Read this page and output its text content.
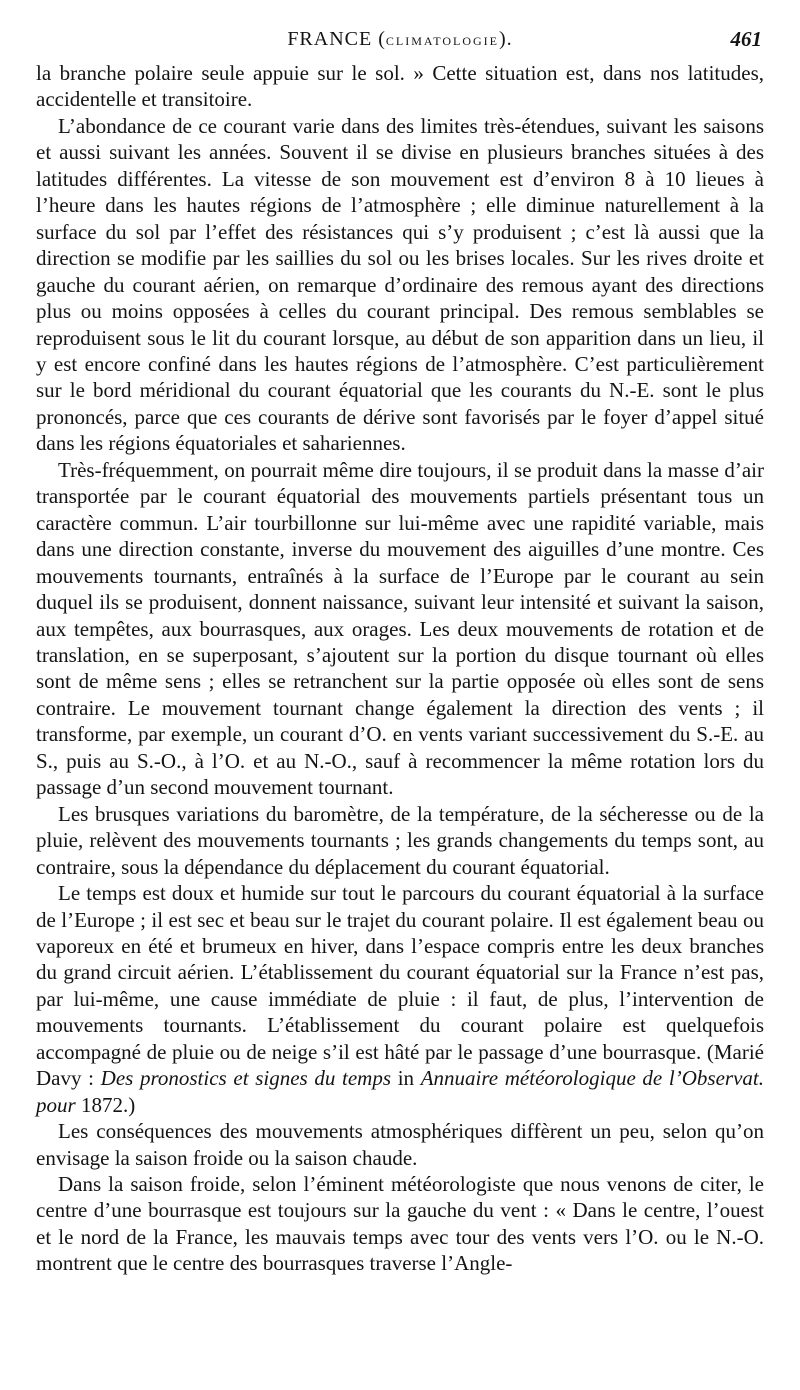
FRANCE (CLIMATOLOGIE).	461

la branche polaire seule appuie sur le sol. » Cette situation est, dans nos latitudes, accidentelle et transitoire.

L’abondance de ce courant varie dans des limites très-étendues, suivant les saisons et aussi suivant les années. Souvent il se divise en plusieurs branches situées à des latitudes différentes. La vitesse de son mouvement est d’environ 8 à 10 lieues à l’heure dans les hautes régions de l’atmosphère ; elle diminue naturellement à la surface du sol par l’effet des résistances qui s’y produisent ; c’est là aussi que la direction se modifie par les saillies du sol ou les brises locales. Sur les rives droite et gauche du courant aérien, on remarque d’ordinaire des remous ayant des directions plus ou moins opposées à celles du courant principal. Des remous semblables se reproduisent sous le lit du courant lorsque, au début de son apparition dans un lieu, il y est encore confiné dans les hautes régions de l’atmosphère. C’est particulièrement sur le bord méridional du courant équatorial que les courants du N.-E. sont le plus prononcés, parce que ces courants de dérive sont favorisés par le foyer d’appel situé dans les régions équatoriales et sahariennes.

Très-fréquemment, on pourrait même dire toujours, il se produit dans la masse d’air transportée par le courant équatorial des mouvements partiels présentant tous un caractère commun. L’air tourbillonne sur lui-même avec une rapidité variable, mais dans une direction constante, inverse du mouvement des aiguilles d’une montre. Ces mouvements tournants, entraînés à la surface de l’Europe par le courant au sein duquel ils se produisent, donnent naissance, suivant leur intensité et suivant la saison, aux tempêtes, aux bourrasques, aux orages. Les deux mouvements de rotation et de translation, en se superposant, s’ajoutent sur la portion du disque tournant où elles sont de même sens ; elles se retranchent sur la partie opposée où elles sont de sens contraire. Le mouvement tournant change également la direction des vents ; il transforme, par exemple, un courant d’O. en vents variant successivement du S.-E. au S., puis au S.-O., à l’O. et au N.-O., sauf à recommencer la même rotation lors du passage d’un second mouvement tournant.

Les brusques variations du baromètre, de la température, de la sécheresse ou de la pluie, relèvent des mouvements tournants ; les grands changements du temps sont, au contraire, sous la dépendance du déplacement du courant équatorial.

Le temps est doux et humide sur tout le parcours du courant équatorial à la surface de l’Europe ; il est sec et beau sur le trajet du courant polaire. Il est également beau ou vaporeux en été et brumeux en hiver, dans l’espace compris entre les deux branches du grand circuit aérien. L’établissement du courant équatorial sur la France n’est pas, par lui-même, une cause immédiate de pluie : il faut, de plus, l’intervention de mouvements tournants. L’établissement du courant polaire est quelquefois accompagné de pluie ou de neige s’il est hâté par le passage d’une bourrasque. (Marié Davy : Des pronostics et signes du temps in Annuaire météorologique de l’Observat. pour 1872.)

Les conséquences des mouvements atmosphériques diffèrent un peu, selon qu’on envisage la saison froide ou la saison chaude.

Dans la saison froide, selon l’éminent météorologiste que nous venons de citer, le centre d’une bourrasque est toujours sur la gauche du vent : « Dans le centre, l’ouest et le nord de la France, les mauvais temps avec tour des vents vers l’O. ou le N.-O. montrent que le centre des bourrasques traverse l’Angle-
